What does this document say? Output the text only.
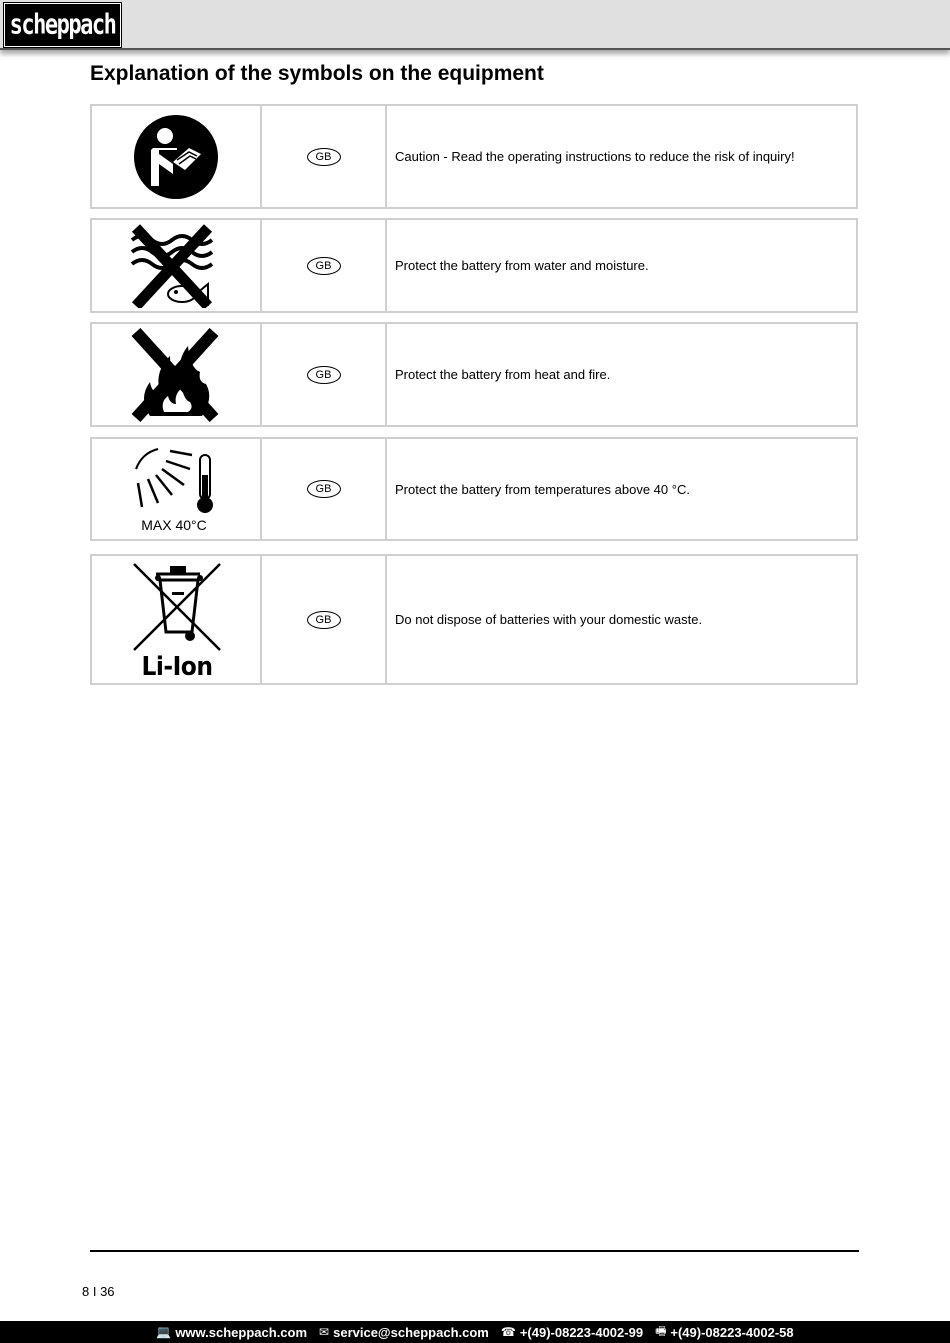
scheppach
Explanation of the symbols on the equipment
GB	Caution - Read the operating instructions to reduce the risk of inquiry!
GB	Protect the battery from water and moisture.
GB	Protect the battery from heat and fire.
MAX 40°C
GB	Protect the battery from temperatures above 40 °C.
Li-Ion
GB	Do not dispose of batteries with your domestic waste.
8 I 36
💻 www.scheppach.com ✉ service@scheppach.com ☎ +(49)-08223-4002-99 🖷 +(49)-08223-4002-58
